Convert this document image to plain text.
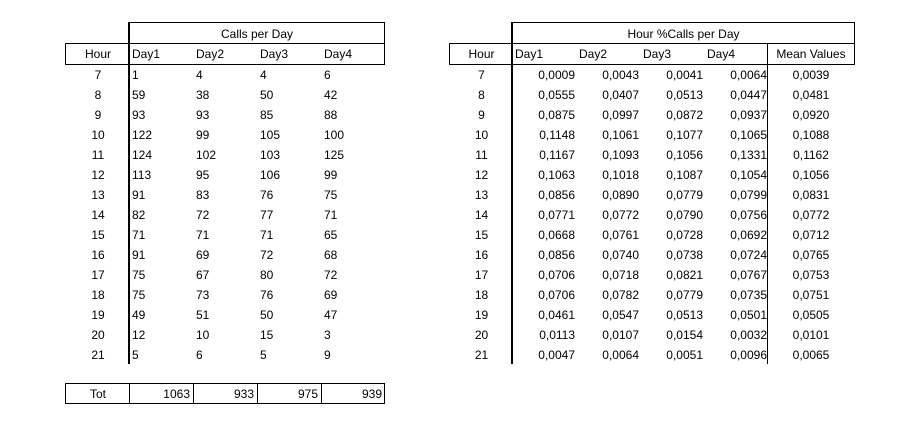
Calls per Day
Hour	Day1	Day2	Day3	Day4
7	1	4	4	6
8	59	38	50	42
9	93	93	85	88
10	122	99	105	100
11	124	102	103	125
12	113	95	106	99
13	91	83	76	75
14	82	72	77	71
15	71	71	71	65
16	91	69	72	68
17	75	67	80	72
18	75	73	76	69
19	49	51	50	47
20	12	10	15	3
21	5	6	5	9
Tot	1063	933	975	939
Hour %Calls per Day
Hour	Day1	Day2	Day3	Day4	Mean Values
7	0,0009	0,0043	0,0041	0,0064	0,0039
8	0,0555	0,0407	0,0513	0,0447	0,0481
9	0,0875	0,0997	0,0872	0,0937	0,0920
10	0,1148	0,1061	0,1077	0,1065	0,1088
11	0,1167	0,1093	0,1056	0,1331	0,1162
12	0,1063	0,1018	0,1087	0,1054	0,1056
13	0,0856	0,0890	0,0779	0,0799	0,0831
14	0,0771	0,0772	0,0790	0,0756	0,0772
15	0,0668	0,0761	0,0728	0,0692	0,0712
16	0,0856	0,0740	0,0738	0,0724	0,0765
17	0,0706	0,0718	0,0821	0,0767	0,0753
18	0,0706	0,0782	0,0779	0,0735	0,0751
19	0,0461	0,0547	0,0513	0,0501	0,0505
20	0,0113	0,0107	0,0154	0,0032	0,0101
21	0,0047	0,0064	0,0051	0,0096	0,0065
